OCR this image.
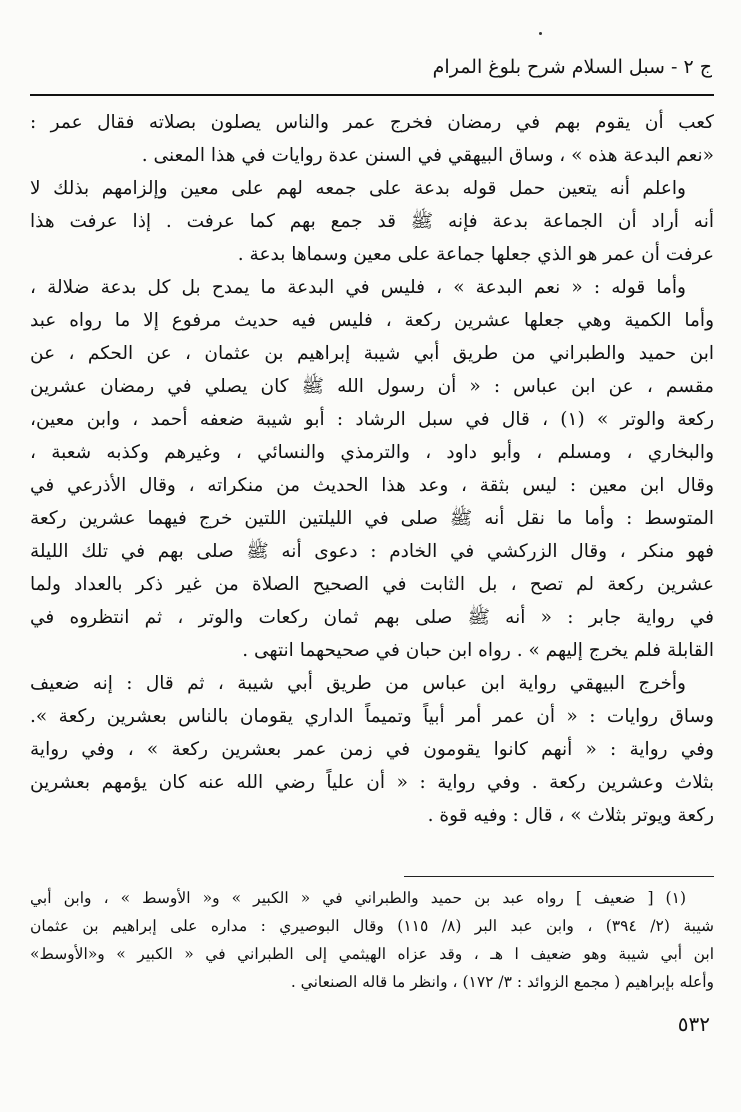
ج ٢ - سبل السلام شرح بلوغ المرام
كعب أن يقوم بهم في رمضان فخرج عمر والناس يصلون بصلاته فقال عمر :
«نعم البدعة هذه » ، وساق البيهقي في السنن عدة روايات في هذا المعنى .
واعلم أنه يتعين حمل قوله بدعة على جمعه لهم على معين وإلزامهم بذلك لا
أنه أراد أن الجماعة بدعة فإنه ﷺ قد جمع بهم كما عرفت . إذا عرفت هذا
عرفت أن عمر هو الذي جعلها جماعة على معين وسماها بدعة .
وأما قوله : « نعم البدعة » ، فليس في البدعة ما يمدح بل كل بدعة ضلالة ،
وأما الكمية وهي جعلها عشرين ركعة ، فليس فيه حديث مرفوع إلا ما رواه عبد
ابن حميد والطبراني من طريق أبي شيبة إبراهيم بن عثمان ، عن الحكم ، عن
مقسم ، عن ابن عباس : « أن رسول الله ﷺ كان يصلي في رمضان عشرين
ركعة والوتر » (١) ، قال في سبل الرشاد : أبو شيبة ضعفه أحمد ، وابن معين،
والبخاري ، ومسلم ، وأبو داود ، والترمذي والنسائي ، وغيرهم وكذبه شعبة ،
وقال ابن معين : ليس بثقة ، وعد هذا الحديث من منكراته ، وقال الأذرعي في
المتوسط : وأما ما نقل أنه ﷺ صلى في الليلتين اللتين خرج فيهما عشرين ركعة
فهو منكر ، وقال الزركشي في الخادم : دعوى أنه ﷺ صلى بهم في تلك الليلة
عشرين ركعة لم تصح ، بل الثابت في الصحيح الصلاة من غير ذكر بالعداد ولما
في رواية جابر : « أنه ﷺ صلى بهم ثمان ركعات والوتر ، ثم انتظروه في
القابلة فلم يخرج إليهم » . رواه ابن حبان في صحيحهما انتهى .
وأخرج البيهقي رواية ابن عباس من طريق أبي شيبة ، ثم قال : إنه ضعيف
وساق روايات : « أن عمر أمر أبياً وتميماً الداري يقومان بالناس بعشرين ركعة ».
وفي رواية : « أنهم كانوا يقومون في زمن عمر بعشرين ركعة » ، وفي رواية
بثلاث وعشرين ركعة . وفي رواية : « أن علياً رضي الله عنه كان يؤمهم بعشرين
ركعة ويوتر بثلاث » ، قال : وفيه قوة .
(١) [ ضعيف ] رواه عبد بن حميد والطبراني في « الكبير » و« الأوسط » ، وابن أبي
شيبة (٢/ ٣٩٤) ، وابن عبد البر (٨/ ١١٥) وقال البوصيري : مداره على إبراهيم بن عثمان
ابن أبي شيبة وهو ضعيف ا هـ ، وقد عزاه الهيثمي إلى الطبراني في « الكبير » و«الأوسط»
وأعله بإبراهيم ( مجمع الزوائد : ٣/ ١٧٢) ، وانظر ما قاله الصنعاني .
٥٣٢
